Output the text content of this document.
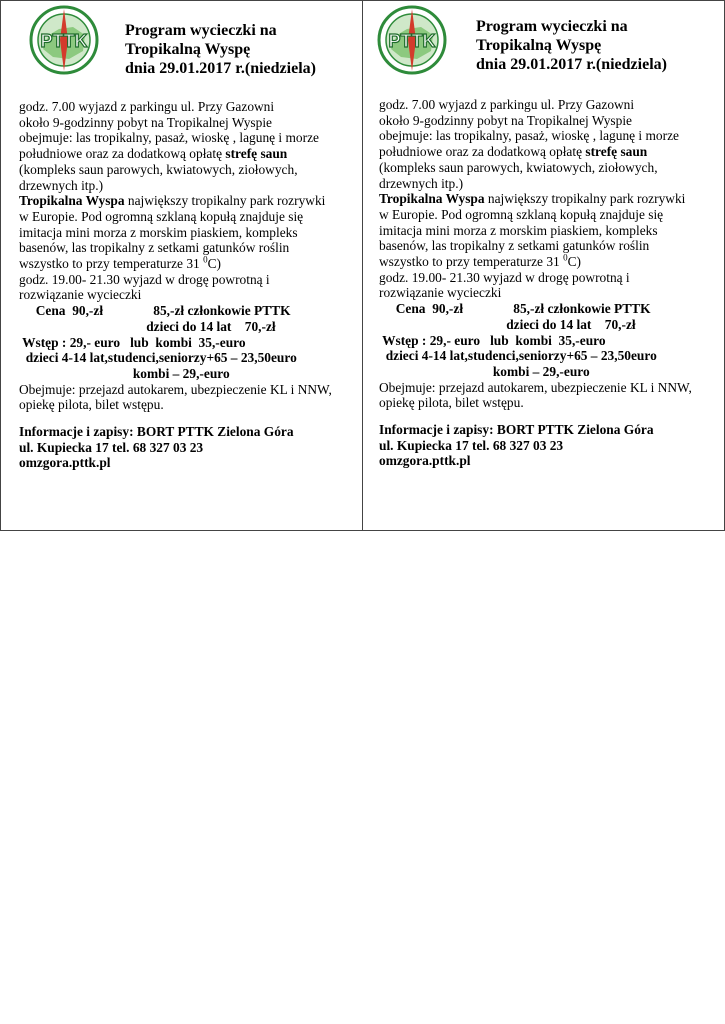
PTTK
Program wycieczki na
Tropikalną Wyspę
dnia 29.01.2017 r.(niedziela)
godz. 7.00 wyjazd z parkingu ul. Przy Gazowni
około 9-godzinny pobyt na Tropikalnej Wyspie
obejmuje: las tropikalny, pasaż, wioskę , lagunę i morze
południowe oraz za dodatkową opłatę strefę saun
(kompleks saun parowych, kwiatowych, ziołowych,
drzewnych itp.)
Tropikalna Wyspa największy tropikalny park rozrywki
w Europie. Pod ogromną szklaną kopułą znajduje się
imitacja mini morza z morskim piaskiem, kompleks
basenów, las tropikalny z setkami gatunków roślin
wszystko to przy temperaturze 31 $^0$C)
godz. 19.00- 21.30 wyjazd w drogę powrotną i
rozwiązanie wycieczki
Cena  90,-zł               85,-zł członkowie PTTK
dzieci do 14 lat    70,-zł
Wstęp : 29,- euro   lub  kombi  35,-euro
dzieci 4-14 lat,studenci,seniorzy+65 – 23,50euro
kombi – 29,-euro
Obejmuje: przejazd autokarem, ubezpieczenie KL i NNW,
opiekę pilota, bilet wstępu.
Informacje i zapisy: BORT PTTK Zielona Góra
ul. Kupiecka 17 tel. 68 327 03 23
omzgora.pttk.pl
PTTK
Program wycieczki na
Tropikalną Wyspę
dnia 29.01.2017 r.(niedziela)
godz. 7.00 wyjazd z parkingu ul. Przy Gazowni
około 9-godzinny pobyt na Tropikalnej Wyspie
obejmuje: las tropikalny, pasaż, wioskę , lagunę i morze
południowe oraz za dodatkową opłatę strefę saun
(kompleks saun parowych, kwiatowych, ziołowych,
drzewnych itp.)
Tropikalna Wyspa największy tropikalny park rozrywki
w Europie. Pod ogromną szklaną kopułą znajduje się
imitacja mini morza z morskim piaskiem, kompleks
basenów, las tropikalny z setkami gatunków roślin
wszystko to przy temperaturze 31 $^0$C)
godz. 19.00- 21.30 wyjazd w drogę powrotną i
rozwiązanie wycieczki
Cena  90,-zł               85,-zł członkowie PTTK
dzieci do 14 lat    70,-zł
Wstęp : 29,- euro   lub  kombi  35,-euro
dzieci 4-14 lat,studenci,seniorzy+65 – 23,50euro
kombi – 29,-euro
Obejmuje: przejazd autokarem, ubezpieczenie KL i NNW,
opiekę pilota, bilet wstępu.
Informacje i zapisy: BORT PTTK Zielona Góra
ul. Kupiecka 17 tel. 68 327 03 23
omzgora.pttk.pl
